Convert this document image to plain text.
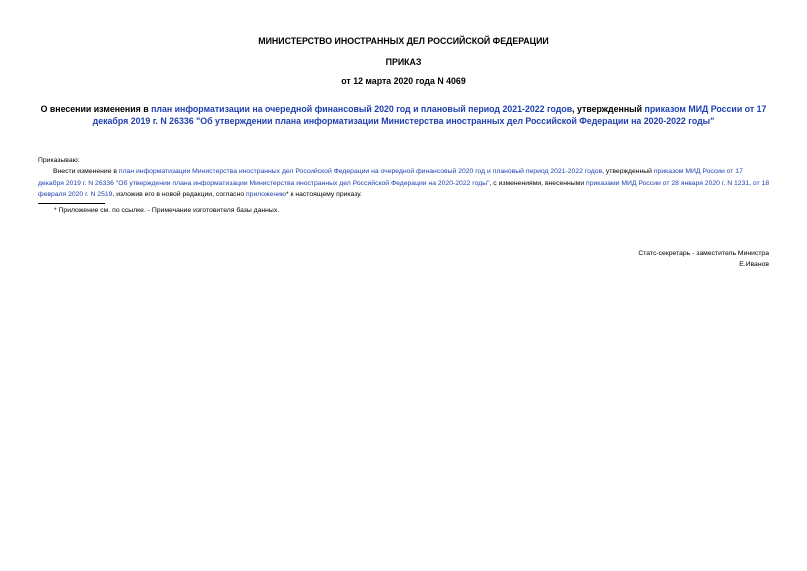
МИНИСТЕРСТВО ИНОСТРАННЫХ ДЕЛ РОССИЙСКОЙ ФЕДЕРАЦИИ
ПРИКАЗ
от 12 марта 2020 года N 4069
О внесении изменения в план информатизации на очередной финансовый 2020 год и плановый период 2021-2022 годов, утвержденный приказом МИД России от 17 декабря 2019 г. N 26336 "Об утверждении плана информатизации Министерства иностранных дел Российской Федерации на 2020-2022 годы"
Приказываю:
Внести изменение в план информатизации Министерства иностранных дел Российской Федерации на очередной финансовый 2020 год и плановый период 2021-2022 годов, утвержденный приказом МИД России от 17 декабря 2019 г. N 26336 "Об утверждении плана информатизации Министерства иностранных дел Российской Федерации на 2020-2022 годы", с изменениями, внесенными приказами МИД России от 28 января 2020 г. N 1231, от 18 февраля 2020 г. N 2519, изложив его в новой редакции, согласно приложению* к настоящему приказу.
* Приложение см. по ссылке. - Примечание изготовителя базы данных.
Статс-секретарь - заместитель Министра
Е.Иванов
